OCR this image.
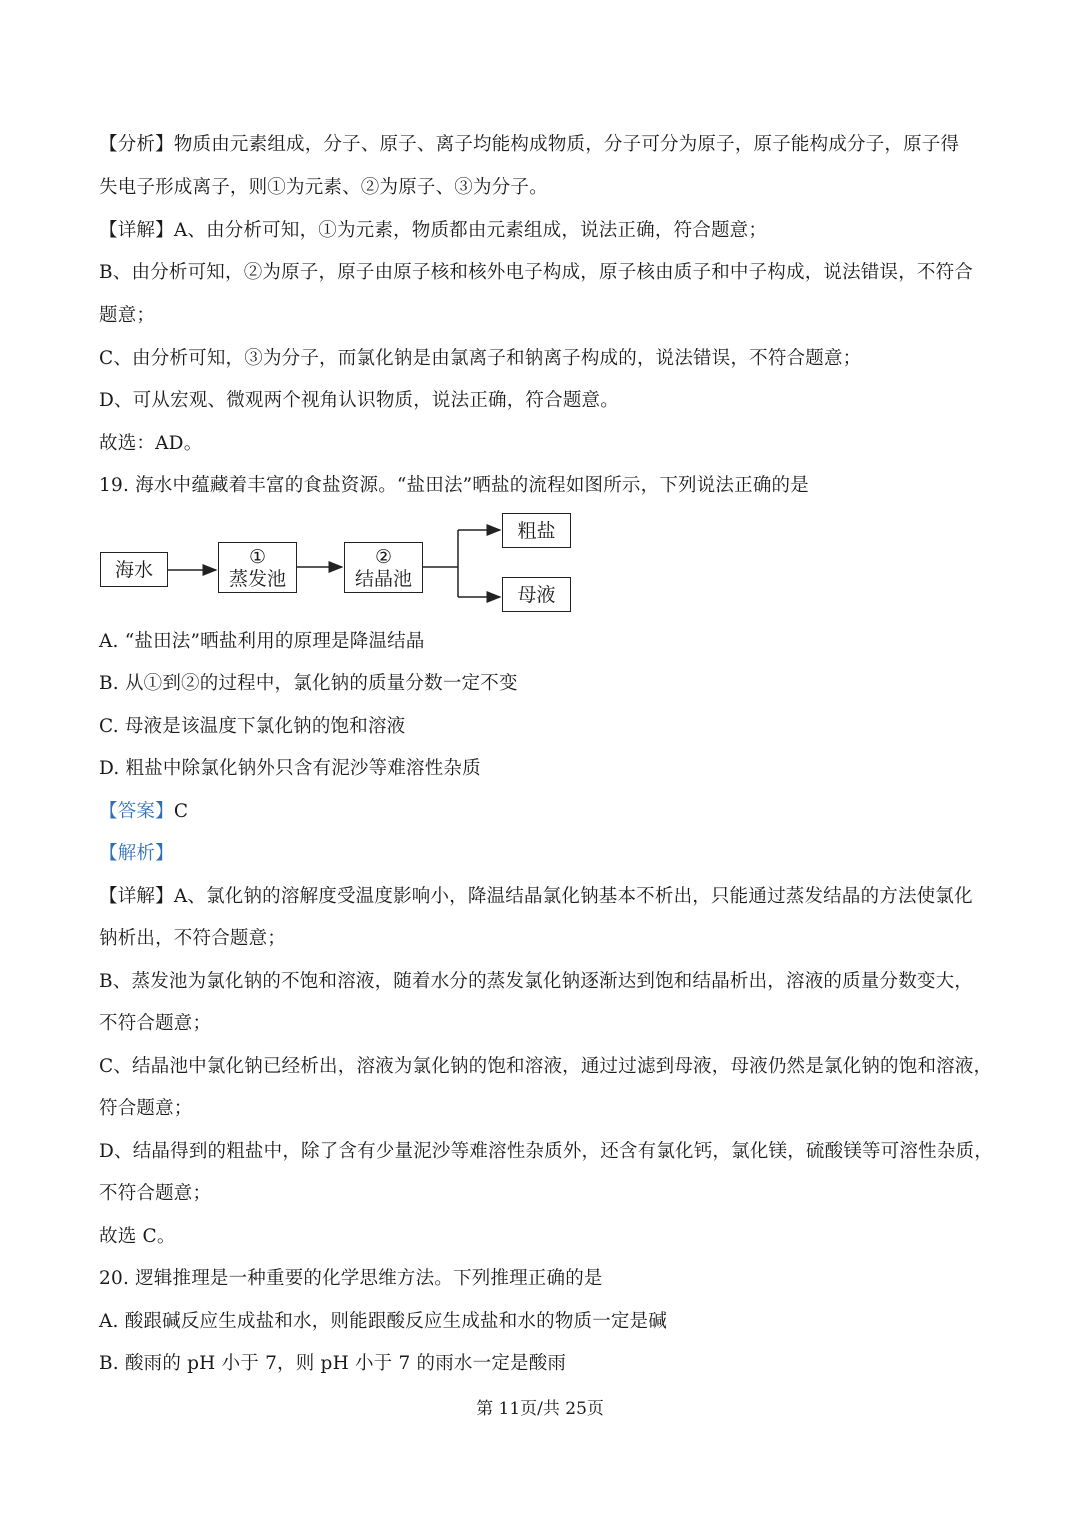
【分析】物质由元素组成，分子、原子、离子均能构成物质，分子可分为原子，原子能构成分子，原子得
失电子形成离子，则①为元素、②为原子、③为分子。
【详解】A、由分析可知，①为元素，物质都由元素组成，说法正确，符合题意；
B、由分析可知，②为原子，原子由原子核和核外电子构成，原子核由质子和中子构成，说法错误，不符合
题意；
C、由分析可知，③为分子，而氯化钠是由氯离子和钠离子构成的，说法错误，不符合题意；
D、可从宏观、微观两个视角认识物质，说法正确，符合题意。
故选：AD。
19. 海水中蕴藏着丰富的食盐资源。“盐田法”晒盐的流程如图所示，下列说法正确的是
海水
①
蒸发池
②
结晶池
粗盐
母液
A. “盐田法”晒盐利用的原理是降温结晶
B. 从①到②的过程中，氯化钠的质量分数一定不变
C. 母液是该温度下氯化钠的饱和溶液
D. 粗盐中除氯化钠外只含有泥沙等难溶性杂质
【答案】C
【解析】
【详解】A、氯化钠的溶解度受温度影响小，降温结晶氯化钠基本不析出，只能通过蒸发结晶的方法使氯化
钠析出，不符合题意；
B、蒸发池为氯化钠的不饱和溶液，随着水分的蒸发氯化钠逐渐达到饱和结晶析出，溶液的质量分数变大，
不符合题意；
C、结晶池中氯化钠已经析出，溶液为氯化钠的饱和溶液，通过过滤到母液，母液仍然是氯化钠的饱和溶液，
符合题意；
D、结晶得到的粗盐中，除了含有少量泥沙等难溶性杂质外，还含有氯化钙，氯化镁，硫酸镁等可溶性杂质，
不符合题意；
故选 C。
20. 逻辑推理是一种重要的化学思维方法。下列推理正确的是
A. 酸跟碱反应生成盐和水，则能跟酸反应生成盐和水的物质一定是碱
B. 酸雨的 pH 小于 7，则 pH 小于 7 的雨水一定是酸雨
第 11页/共 25页
